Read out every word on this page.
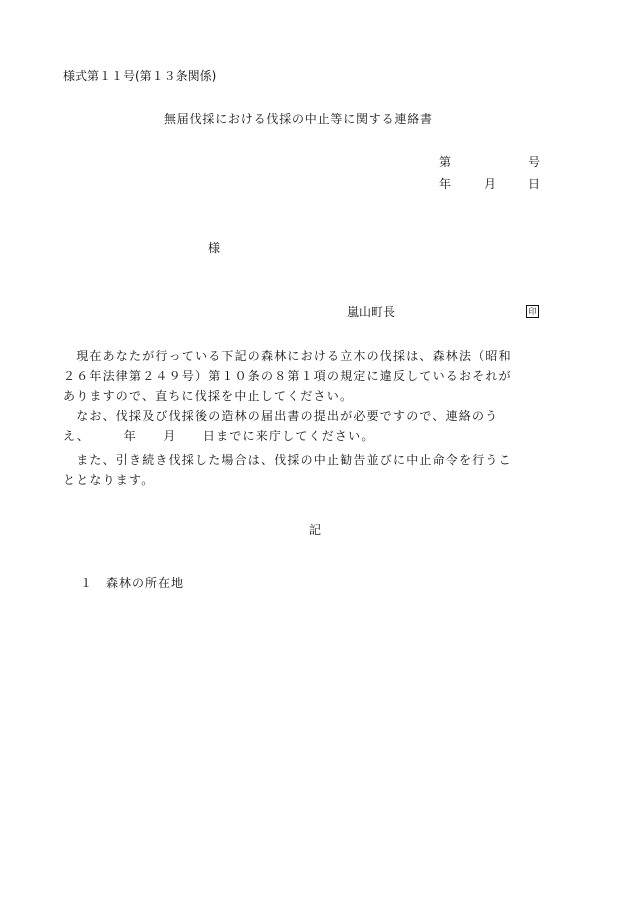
様式第１１号(第１３条関係)
無届伐採における伐採の中止等に関する連絡書
第	号
年	月	日
様
嵐山町長	印
　現在あなたが行っている下記の森林における立木の伐採は、森林法（昭和
２６年法律第２４９号）第１０条の８第１項の規定に違反しているおそれが
ありますので、直ちに伐採を中止してください。
　なお、伐採及び伐採後の造林の届出書の提出が必要ですので、連絡のう
え、　　　年　　月　　日までに来庁してください。
　また、引き続き伐採した場合は、伐採の中止勧告並びに中止命令を行うこ
ととなります。
記
１　森林の所在地
